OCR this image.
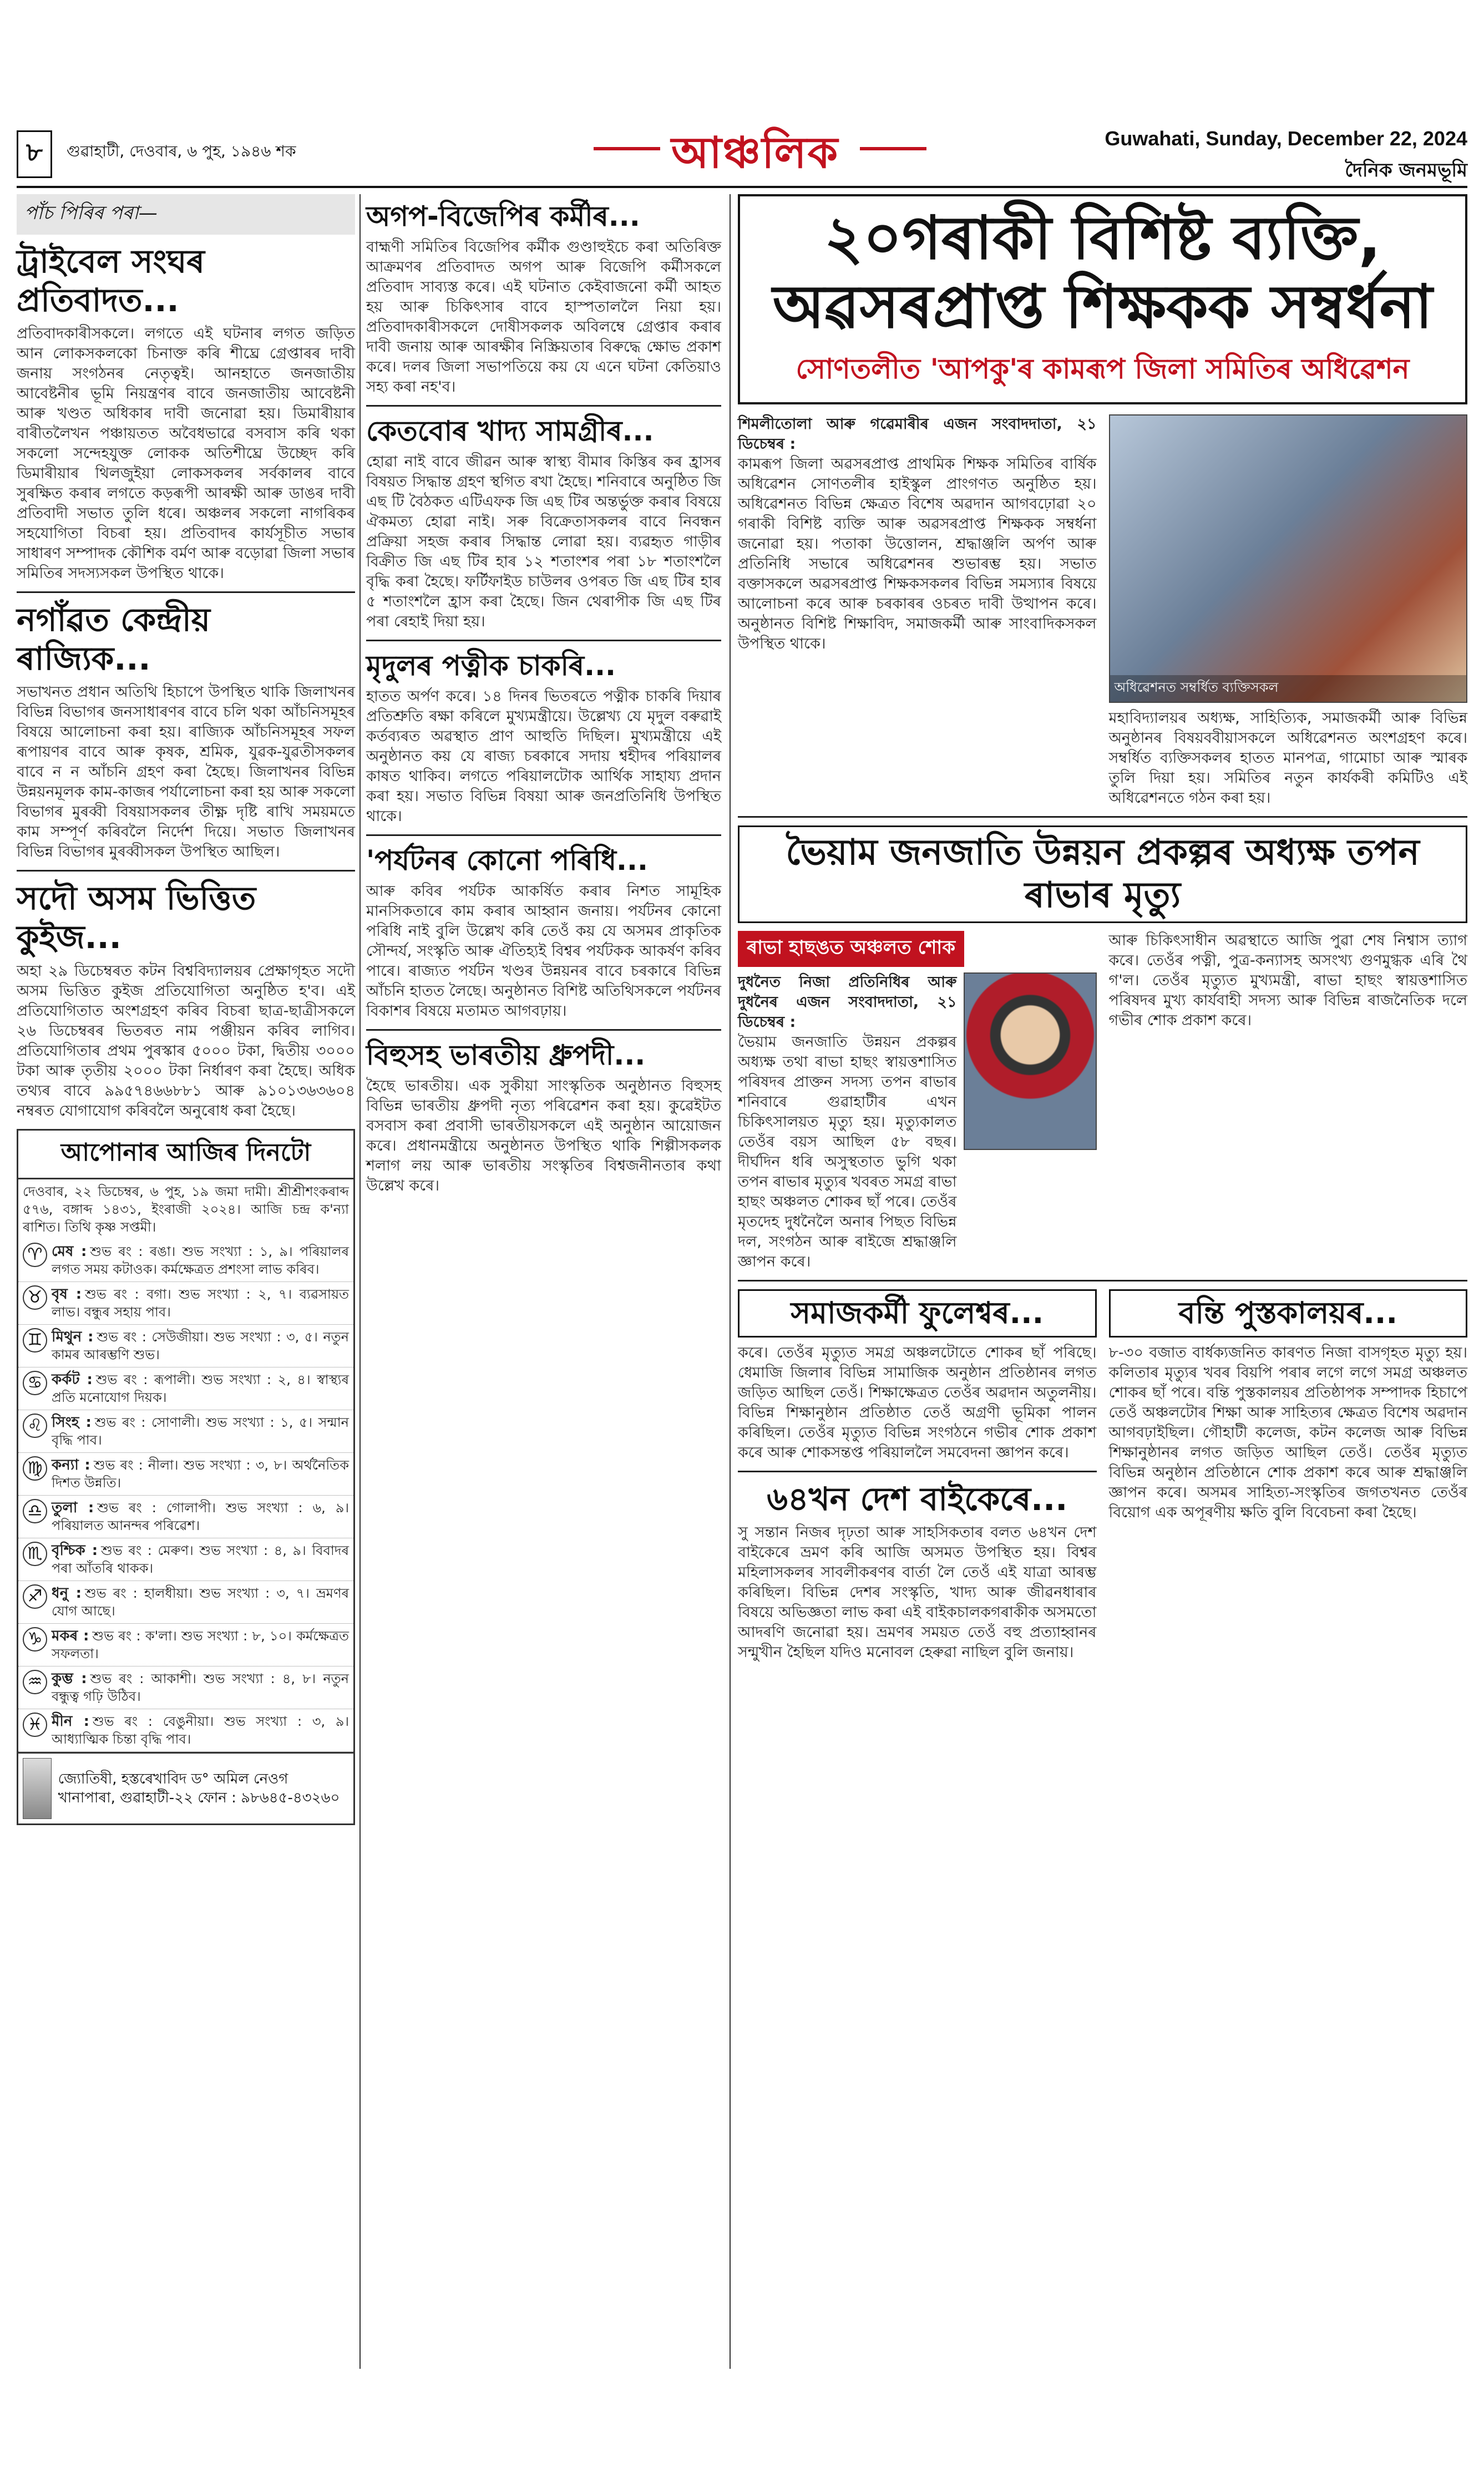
৮	গুৱাহাটী, দেওবাৰ, ৬ পুহ, ১৯৪৬ শক	আঞ্চলিক	Guwahati, Sunday, December 22, 2024
দৈনিক জনমভূমি
পাঁচ পিৰিৰ পৰা—
ট্ৰাইবেল সংঘৰ প্ৰতিবাদত...
প্ৰতিবাদকাৰীসকলে। লগতে এই ঘটনাৰ লগত জড়িত আন লোকসকলকো চিনাক্ত কৰি শীঘ্ৰে গ্ৰেপ্তাৰৰ দাবী জনায় সংগঠনৰ নেতৃত্বই। আনহাতে জনজাতীয় আবেষ্টনীৰ ভূমি নিয়ন্ত্ৰণৰ বাবে জনজাতীয় আবেষ্টনী আৰু খণ্ডত অধিকাৰ দাবী জনোৱা হয়। ডিমাৰীয়াৰ বাৰীতলৈখন পঞ্চায়তত অবৈধভাৱে বসবাস কৰি থকা সকলো সন্দেহযুক্ত লোকক অতিশীঘ্ৰে উচ্ছেদ কৰি ডিমাৰীয়াৰ থিলজুইয়া লোকসকলৰ সৰ্বকালৰ বাবে সুৰক্ষিত কৰাৰ লগতে কড়ৰূপী আৰক্ষী আৰু ডাঙৰ দাবী প্ৰতিবাদী সভাত তুলি ধৰে। অঞ্চলৰ সকলো নাগৰিকৰ সহযোগিতা বিচৰা হয়। প্ৰতিবাদৰ কাৰ্যসূচীত সভাৰ সাধাৰণ সম্পাদক কৌশিক বৰ্মণ আৰু বড়োৱা জিলা সভাৰ সমিতিৰ সদস্যসকল উপস্থিত থাকে।
নগাঁৱত কেন্দ্ৰীয় ৰাজ্যিক...
সভাখনত প্ৰধান অতিথি হিচাপে উপস্থিত থাকি জিলাখনৰ বিভিন্ন বিভাগৰ জনসাধাৰণৰ বাবে চলি থকা আঁচনিসমূহৰ বিষয়ে আলোচনা কৰা হয়। ৰাজ্যিক আঁচনিসমূহৰ সফল ৰূপায়ণৰ বাবে আৰু কৃষক, শ্ৰমিক, যুৱক-যুৱতীসকলৰ বাবে ন ন আঁচনি গ্ৰহণ কৰা হৈছে। জিলাখনৰ বিভিন্ন উন্নয়নমূলক কাম-কাজৰ পৰ্যালোচনা কৰা হয় আৰু সকলো বিভাগৰ মুৰব্বী বিষয়াসকলৰ তীক্ষ্ণ দৃষ্টি ৰাখি সময়মতে কাম সম্পূৰ্ণ কৰিবলৈ নিৰ্দেশ দিয়ে। সভাত জিলাখনৰ বিভিন্ন বিভাগৰ মুৰব্বীসকল উপস্থিত আছিল।
সদৌ অসম ভিত্তিত কুইজ...
অহা ২৯ ডিচেম্বৰত কটন বিশ্ববিদ্যালয়ৰ প্ৰেক্ষাগৃহত সদৌ অসম ভিত্তিত কুইজ প্ৰতিযোগিতা অনুষ্ঠিত হ'ব। এই প্ৰতিযোগিতাত অংশগ্ৰহণ কৰিব বিচৰা ছাত্ৰ-ছাত্ৰীসকলে ২৬ ডিচেম্বৰৰ ভিতৰত নাম পঞ্জীয়ন কৰিব লাগিব। প্ৰতিযোগিতাৰ প্ৰথম পুৰস্কাৰ ৫০০০ টকা, দ্বিতীয় ৩০০০ টকা আৰু তৃতীয় ২০০০ টকা নিৰ্ধাৰণ কৰা হৈছে। অধিক তথ্যৰ বাবে ৯৯৫৭৪৬৬৮৮১ আৰু ৯১০১৩৬৩৬০৪ নম্বৰত যোগাযোগ কৰিবলৈ অনুৰোধ কৰা হৈছে।
আপোনাৰ আজিৰ দিনটো
দেওবাৰ, ২২ ডিচেম্বৰ, ৬ পুহ, ১৯ জমা দামী। শ্ৰীশ্ৰীশংকৰাব্দ ৫৭৬, বঙ্গাব্দ ১৪৩১, ইংৰাজী ২০২৪। আজি চন্দ্ৰ ক'ন্যা ৰাশিত। তিথি কৃষ্ণ সপ্তমী।
♈ মেষ : শুভ ৰং : ৰঙা। শুভ সংখ্যা : ১, ৯। পৰিয়ালৰ লগত সময় কটাওক। কৰ্মক্ষেত্ৰত প্ৰশংসা লাভ কৰিব।
♉ বৃষ : শুভ ৰং : বগা। শুভ সংখ্যা : ২, ৭। ব্যৱসায়ত লাভ। বন্ধুৰ সহায় পাব।
♊ মিথুন : শুভ ৰং : সেউজীয়া। শুভ সংখ্যা : ৩, ৫। নতুন কামৰ আৰম্ভণি শুভ।
♋ কৰ্কট : শুভ ৰং : ৰূপালী। শুভ সংখ্যা : ২, ৪। স্বাস্থ্যৰ প্ৰতি মনোযোগ দিয়ক।
♌ সিংহ : শুভ ৰং : সোণালী। শুভ সংখ্যা : ১, ৫। সন্মান বৃদ্ধি পাব।
♍ কন্যা : শুভ ৰং : নীলা। শুভ সংখ্যা : ৩, ৮। অৰ্থনৈতিক দিশত উন্নতি।
♎ তুলা : শুভ ৰং : গোলাপী। শুভ সংখ্যা : ৬, ৯। পৰিয়ালত আনন্দৰ পৰিৱেশ।
♏ বৃশ্চিক : শুভ ৰং : মেৰুণ। শুভ সংখ্যা : ৪, ৯। বিবাদৰ পৰা আঁতৰি থাকক।
♐ ধনু : শুভ ৰং : হালধীয়া। শুভ সংখ্যা : ৩, ৭। ভ্ৰমণৰ যোগ আছে।
♑ মকৰ : শুভ ৰং : ক'লা। শুভ সংখ্যা : ৮, ১০। কৰ্মক্ষেত্ৰত সফলতা।
♒ কুম্ভ : শুভ ৰং : আকাশী। শুভ সংখ্যা : ৪, ৮। নতুন বন্ধুত্ব গঢ়ি উঠিব।
♓ মীন : শুভ ৰং : বেঙুনীয়া। শুভ সংখ্যা : ৩, ৯। আধ্যাত্মিক চিন্তা বৃদ্ধি পাব।
জ্যোতিষী, হস্তৰেখাবিদ ড° অমিল নেওগ খানাপাৰা, গুৱাহাটী-২২ ফোন : ৯৮৬৪৫-৪৩২৬০
অগপ-বিজেপিৰ কৰ্মীৰ...
বাহ্মণী সমিতিৰ বিজেপিৰ কৰ্মীক গুণ্ডাহুইচে কৰা অতিৰিক্ত আক্ৰমণৰ প্ৰতিবাদত অগপ আৰু বিজেপি কৰ্মীসকলে প্ৰতিবাদ সাব্যস্ত কৰে। এই ঘটনাত কেইবাজনো কৰ্মী আহত হয় আৰু চিকিৎসাৰ বাবে হাস্পতাললৈ নিয়া হয়। প্ৰতিবাদকাৰীসকলে দোষীসকলক অবিলম্বে গ্ৰেপ্তাৰ কৰাৰ দাবী জনায় আৰু আৰক্ষীৰ নিস্ক্ৰিয়তাৰ বিৰুদ্ধে ক্ষোভ প্ৰকাশ কৰে। দলৰ জিলা সভাপতিয়ে কয় যে এনে ঘটনা কেতিয়াও সহ্য কৰা নহ'ব।
কেতবোৰ খাদ্য সামগ্ৰীৰ...
হোৱা নাই বাবে জীৱন আৰু স্বাস্থ্য বীমাৰ কিস্তিৰ কৰ হ্ৰাসৰ বিষয়ত সিদ্ধান্ত গ্ৰহণ স্থগিত ৰখা হৈছে। শনিবাৰে অনুষ্ঠিত জি এছ টি বৈঠকত এটিএফক জি এছ টিৰ অন্তৰ্ভুক্ত কৰাৰ বিষয়ে ঐকমত্য হোৱা নাই। সৰু বিক্ৰেতাসকলৰ বাবে নিবন্ধন প্ৰক্ৰিয়া সহজ কৰাৰ সিদ্ধান্ত লোৱা হয়। ব্যৱহৃত গাড়ীৰ বিক্ৰীত জি এছ টিৰ হাৰ ১২ শতাংশৰ পৰা ১৮ শতাংশলৈ বৃদ্ধি কৰা হৈছে। ফৰ্টিফাইড চাউলৰ ওপৰত জি এছ টিৰ হাৰ ৫ শতাংশলৈ হ্ৰাস কৰা হৈছে। জিন থেৰাপীক জি এছ টিৰ পৰা ৰেহাই দিয়া হয়।
মৃদুলৰ পত্নীক চাকৰি...
হাতত অৰ্পণ কৰে। ১৪ দিনৰ ভিতৰতে পত্নীক চাকৰি দিয়াৰ প্ৰতিশ্ৰুতি ৰক্ষা কৰিলে মুখ্যমন্ত্ৰীয়ে। উল্লেখ্য যে মৃদুল বৰুৱাই কৰ্তব্যৰত অৱস্থাত প্ৰাণ আহুতি দিছিল। মুখ্যমন্ত্ৰীয়ে এই অনুষ্ঠানত কয় যে ৰাজ্য চৰকাৰে সদায় শ্বহীদৰ পৰিয়ালৰ কাষত থাকিব। লগতে পৰিয়ালটোক আৰ্থিক সাহায্য প্ৰদান কৰা হয়। সভাত বিভিন্ন বিষয়া আৰু জনপ্ৰতিনিধি উপস্থিত থাকে।
'পৰ্যটনৰ কোনো পৰিধি...
আৰু কবিৰ পৰ্যটক আকৰ্ষিত কৰাৰ নিশত সামূহিক মানসিকতাৰে কাম কৰাৰ আহ্বান জনায়। পৰ্যটনৰ কোনো পৰিধি নাই বুলি উল্লেখ কৰি তেওঁ কয় যে অসমৰ প্ৰাকৃতিক সৌন্দৰ্য, সংস্কৃতি আৰু ঐতিহ্যই বিশ্বৰ পৰ্যটকক আকৰ্ষণ কৰিব পাৰে। ৰাজ্যত পৰ্যটন খণ্ডৰ উন্নয়নৰ বাবে চৰকাৰে বিভিন্ন আঁচনি হাতত লৈছে। অনুষ্ঠানত বিশিষ্ট অতিথিসকলে পৰ্যটনৰ বিকাশৰ বিষয়ে মতামত আগবঢ়ায়।
বিহুসহ ভাৰতীয় ধ্ৰুপদী...
হৈছে ভাৰতীয়। এক সুকীয়া সাংস্কৃতিক অনুষ্ঠানত বিহুসহ বিভিন্ন ভাৰতীয় ধ্ৰুপদী নৃত্য পৰিৱেশন কৰা হয়। কুৱেইটত বসবাস কৰা প্ৰবাসী ভাৰতীয়সকলে এই অনুষ্ঠান আয়োজন কৰে। প্ৰধানমন্ত্ৰীয়ে অনুষ্ঠানত উপস্থিত থাকি শিল্পীসকলক শলাগ লয় আৰু ভাৰতীয় সংস্কৃতিৰ বিশ্বজনীনতাৰ কথা উল্লেখ কৰে।
২০গৰাকী বিশিষ্ট ব্যক্তি, অৱসৰপ্ৰাপ্ত শিক্ষকক সম্বৰ্ধনা
সোণতলীত 'আপকু'ৰ কামৰূপ জিলা সমিতিৰ অধিৱেশন
শিমলীতোলা আৰু গৱেমাৰীৰ এজন সংবাদদাতা, ২১ ডিচেম্বৰ :
কামৰূপ জিলা অৱসৰপ্ৰাপ্ত প্ৰাথমিক শিক্ষক সমিতিৰ বাৰ্ষিক অধিৱেশন সোণতলীৰ হাইস্কুল প্ৰাংগণত অনুষ্ঠিত হয়। অধিৱেশনত বিভিন্ন ক্ষেত্ৰত বিশেষ অৱদান আগবঢ়োৱা ২০ গৰাকী বিশিষ্ট ব্যক্তি আৰু অৱসৰপ্ৰাপ্ত শিক্ষকক সম্বৰ্ধনা জনোৱা হয়। পতাকা উত্তোলন, শ্ৰদ্ধাঞ্জলি অৰ্পণ আৰু প্ৰতিনিধি সভাৰে অধিৱেশনৰ শুভাৰম্ভ হয়। সভাত বক্তাসকলে অৱসৰপ্ৰাপ্ত শিক্ষকসকলৰ বিভিন্ন সমস্যাৰ বিষয়ে আলোচনা কৰে আৰু চৰকাৰৰ ওচৰত দাবী উত্থাপন কৰে। অনুষ্ঠানত বিশিষ্ট শিক্ষাবিদ, সমাজকৰ্মী আৰু সাংবাদিকসকল উপস্থিত থাকে।
অধিৱেশনত সম্বৰ্ধিত ব্যক্তিসকল
মহাবিদ্যালয়ৰ অধ্যক্ষ, সাহিত্যিক, সমাজকৰ্মী আৰু বিভিন্ন অনুষ্ঠানৰ বিষয়ববীয়াসকলে অধিৱেশনত অংশগ্ৰহণ কৰে। সম্বৰ্ধিত ব্যক্তিসকলৰ হাতত মানপত্ৰ, গামোচা আৰু স্মাৰক তুলি দিয়া হয়। সমিতিৰ নতুন কাৰ্যকৰী কমিটিও এই অধিৱেশনতে গঠন কৰা হয়।
ভৈয়াম জনজাতি উন্নয়ন প্ৰকল্পৰ অধ্যক্ষ তপন ৰাভাৰ মৃত্যু
ৰাভা হাছঙত অঞ্চলত শোক
দুধনৈত নিজা প্ৰতিনিধিৰ আৰু দুধনৈৰ এজন সংবাদদাতা, ২১ ডিচেম্বৰ :
ভৈয়াম জনজাতি উন্নয়ন প্ৰকল্পৰ অধ্যক্ষ তথা ৰাভা হাছং স্বায়ত্তশাসিত পৰিষদৰ প্ৰাক্তন সদস্য তপন ৰাভাৰ শনিবাৰে গুৱাহাটীৰ এখন চিকিৎসালয়ত মৃত্যু হয়। মৃত্যুকালত তেওঁৰ বয়স আছিল ৫৮ বছৰ। দীৰ্ঘদিন ধৰি অসুস্থতাত ভুগি থকা তপন ৰাভাৰ মৃত্যুৰ খবৰত সমগ্ৰ ৰাভা হাছং অঞ্চলত শোকৰ ছাঁ পৰে। তেওঁৰ মৃতদেহ দুধনৈলৈ অনাৰ পিছত বিভিন্ন দল, সংগঠন আৰু ৰাইজে শ্ৰদ্ধাঞ্জলি জ্ঞাপন কৰে।
আৰু চিকিৎসাধীন অৱস্থাতে আজি পুৱা শেষ নিশ্বাস ত্যাগ কৰে। তেওঁৰ পত্নী, পুত্ৰ-কন্যাসহ অসংখ্য গুণমুগ্ধক এৰি থৈ গ'ল। তেওঁৰ মৃত্যুত মুখ্যমন্ত্ৰী, ৰাভা হাছং স্বায়ত্তশাসিত পৰিষদৰ মুখ্য কাৰ্যবাহী সদস্য আৰু বিভিন্ন ৰাজনৈতিক দলে গভীৰ শোক প্ৰকাশ কৰে।
সমাজকৰ্মী ফুলেশ্বৰ...
কৰে। তেওঁৰ মৃত্যুত সমগ্ৰ অঞ্চলটোতে শোকৰ ছাঁ পৰিছে। ধেমাজি জিলাৰ বিভিন্ন সামাজিক অনুষ্ঠান প্ৰতিষ্ঠানৰ লগত জড়িত আছিল তেওঁ। শিক্ষাক্ষেত্ৰত তেওঁৰ অৱদান অতুলনীয়। বিভিন্ন শিক্ষানুষ্ঠান প্ৰতিষ্ঠাত তেওঁ অগ্ৰণী ভূমিকা পালন কৰিছিল। তেওঁৰ মৃত্যুত বিভিন্ন সংগঠনে গভীৰ শোক প্ৰকাশ কৰে আৰু শোকসন্তপ্ত পৰিয়াললৈ সমবেদনা জ্ঞাপন কৰে।
৬৪খন দেশ বাইকেৰে...
সু সন্তান নিজৰ দৃঢ়তা আৰু সাহসিকতাৰ বলত ৬৪খন দেশ বাইকেৰে ভ্ৰমণ কৰি আজি অসমত উপস্থিত হয়। বিশ্বৰ মহিলাসকলৰ সাবলীকৰণৰ বাৰ্তা লৈ তেওঁ এই যাত্ৰা আৰম্ভ কৰিছিল। বিভিন্ন দেশৰ সংস্কৃতি, খাদ্য আৰু জীৱনধাৰাৰ বিষয়ে অভিজ্ঞতা লাভ কৰা এই বাইকচালকগৰাকীক অসমতো আদৰণি জনোৱা হয়। ভ্ৰমণৰ সময়ত তেওঁ বহু প্ৰত্যাহ্বানৰ সন্মুখীন হৈছিল যদিও মনোবল হেৰুৱা নাছিল বুলি জনায়।
বন্তি পুস্তকালয়ৰ...
৮-৩০ বজাত বাৰ্ধক্যজনিত কাৰণত নিজা বাসগৃহত মৃত্যু হয়। কলিতাৰ মৃত্যুৰ খবৰ বিয়পি পৰাৰ লগে লগে সমগ্ৰ অঞ্চলত শোকৰ ছাঁ পৰে। বন্তি পুস্তকালয়ৰ প্ৰতিষ্ঠাপক সম্পাদক হিচাপে তেওঁ অঞ্চলটোৰ শিক্ষা আৰু সাহিত্যৰ ক্ষেত্ৰত বিশেষ অৱদান আগবঢ়াইছিল। গৌহাটী কলেজ, কটন কলেজ আৰু বিভিন্ন শিক্ষানুষ্ঠানৰ লগত জড়িত আছিল তেওঁ। তেওঁৰ মৃত্যুত বিভিন্ন অনুষ্ঠান প্ৰতিষ্ঠানে শোক প্ৰকাশ কৰে আৰু শ্ৰদ্ধাঞ্জলি জ্ঞাপন কৰে। অসমৰ সাহিত্য-সংস্কৃতিৰ জগতখনত তেওঁৰ বিয়োগ এক অপূৰণীয় ক্ষতি বুলি বিবেচনা কৰা হৈছে।
